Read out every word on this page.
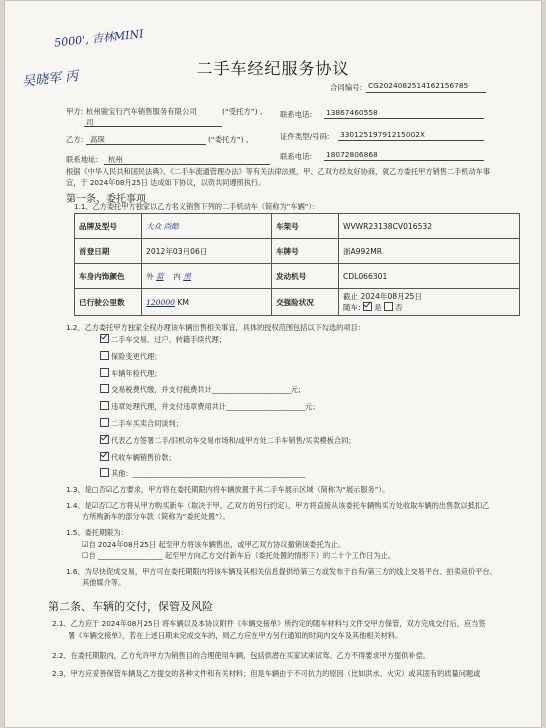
5000', 吉林MINI
吴晓军 丙
二手车经纪服务协议
合同编号: CG20240825141621567​85
甲方: 杭州骏宝行汽车销售服务有限公司
司
(“受托方”) , 联系电话: 13867460558
乙方: 高琛	(“委托方”) ,	证件类型/号码: 33012519791215002X
联系地址: 杭州	联系电话: 18072806868
根据《中华人民共和国民法典》、《二手车流通管理办法》等有关法律法规，甲、乙双方经友好协商，就乙方委托甲方销售二手机动车事
宜，于 2024年08月25日 达成如下协议，以资共同遵照执行。
第一条、委托事项
1.1、乙方委托甲方独家以乙方名义销售下列的二手机动车（简称为“车辆”）：
品牌及型号	大众 尚酷	车架号	WVWR23138CV016532
首登日期	2012年03月06日	车牌号	浙A992MR
车身内饰颜色	外 蓝 内 黑	发动机号	CDL066301
已行驶公里数	120000 KM	交强险状况	截止 2024年08月25日
随车: 是 否
1.2、乙方委托甲方独家全权办理该车辆出售相关事宜，具体的授权范围包括以下勾选的项目：
二手车交易、过户、转籍手续代理；
保险变更代理；
车辆年检代理；
交易税费代缴，并支付税费共计______________________元；
违章处理代理，并支付违章费用共计______________________元；
二手车买卖合同谈判；
代表乙方签署二手/旧机动车交易市场和/或甲方处二手车销售/买卖模板合同；
代收车辆销售价款；
其他：________________________________________________
1.3、是□否☑乙方要求，甲方将在委托期限内将车辆放置于其二手车展示区域（简称为“展示服务”）。
1.4、是☑否☐乙方将从甲方购买新车（取决于甲、乙双方的另行约定），甲方将直接从该委托车辆购买方处收取车辆的出售款以抵扣乙
方所购新车的部分车款（简称为“委托处置”）。
1.5、委托期限为：
☑自 2024年08月25日 起至甲方将该车辆售出，或甲乙双方协议撤销该委托为止。
☐自 __________________ 起至甲方向乙方交付新车后（委托处置的情形下）的二十个工作日为止。
1.6、为尽快促成交易，甲方可在委托期限内将该车辆及其相关信息提供给第三方或发布于自有/第三方的线上交易平台、拍卖竞价平台、
其他媒介等。
第二条、车辆的交付，保管及风险
2.1、乙方应于 2024年08月25日 将车辆以及本协议附件《车辆交接单》所约定的随车材料与文件交甲方保管，双方完成交付后，应当签
署《车辆交接单》，若在上述日期未完成交车的，则乙方应在甲方另行通知的时间内交车及其他相关材料。
2.2、在委托期限内，乙方允许甲方为销售目的合理使用车辆，包括供潜在买家试乘试驾。乙方不得要求甲方提供补偿。
2.3、甲方应妥善保管车辆及乙方提交的各种文件和有关材料；但是车辆由于不可抗力的原因（比如洪水、火灾）或其固有的质量问题或
